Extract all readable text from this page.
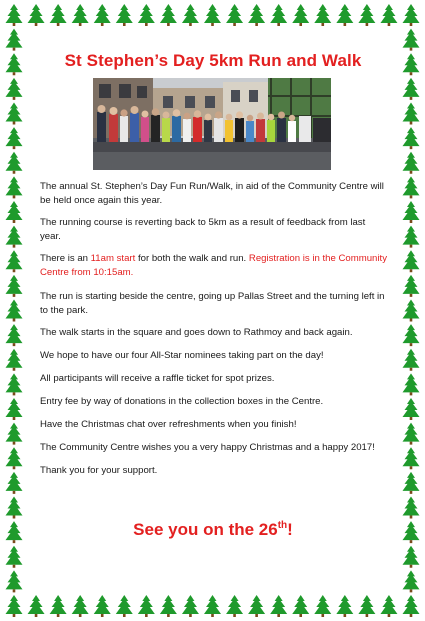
St Stephen’s Day 5km Run and Walk
The annual St. Stephen’s Day Fun Run/Walk, in aid of the Community Centre will be held once again this year.
The running course is reverting back to 5km as a result of feedback from last year.
There is an 11am start for both the walk and run. Registration is in the Community Centre from 10:15am.
The run is starting beside the centre, going up Pallas Street and the turning left in to the park.
The walk starts in the square and goes down to Rathmoy and back again.
We hope to have our four All-Star nominees taking part on the day!
All participants will receive a raffle ticket for spot prizes.
Entry fee by way of donations in the collection boxes in the Centre.
Have the Christmas chat over refreshments when you finish!
The Community Centre wishes you a very happy Christmas and a happy 2017!
Thank you for your support.
See you on the 26th!
